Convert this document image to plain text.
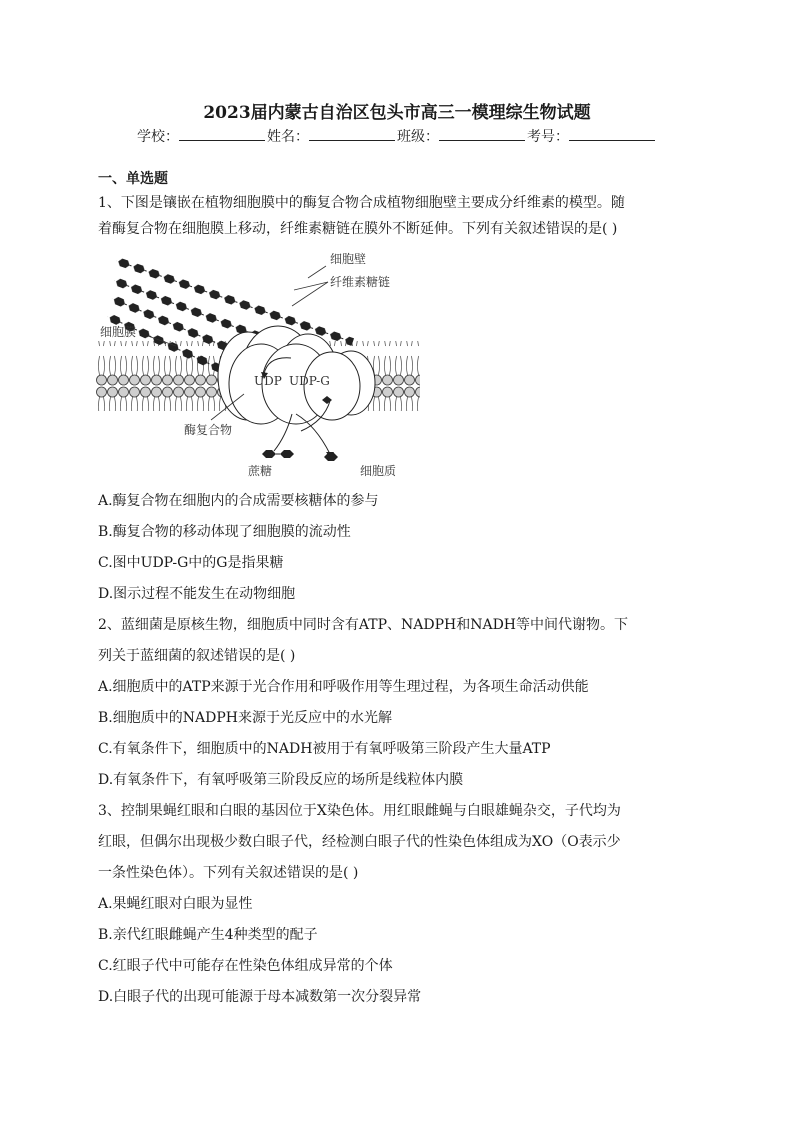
2023届内蒙古自治区包头市高三一模理综生物试题
学校：	姓名：	班级：	考号：
一、单选题
1、下图是镶嵌在植物细胞膜中的酶复合物合成植物细胞壁主要成分纤维素的模型。随
着酶复合物在细胞膜上移动，纤维素糖链在膜外不断延伸。下列有关叙述错误的是( )
细胞壁
纤维素糖链
细胞膜
UDP UDP-G
酶复合物
蔗糖	细胞质
A.酶复合物在细胞内的合成需要核糖体的参与
B.酶复合物的移动体现了细胞膜的流动性
C.图中UDP-G中的G是指果糖
D.图示过程不能发生在动物细胞
2、蓝细菌是原核生物，细胞质中同时含有ATP、NADPH和NADH等中间代谢物。下
列关于蓝细菌的叙述错误的是( )
A.细胞质中的ATP来源于光合作用和呼吸作用等生理过程，为各项生命活动供能
B.细胞质中的NADPH来源于光反应中的水光解
C.有氧条件下，细胞质中的NADH被用于有氧呼吸第三阶段产生大量ATP
D.有氧条件下，有氧呼吸第三阶段反应的场所是线粒体内膜
3、控制果蝇红眼和白眼的基因位于X染色体。用红眼雌蝇与白眼雄蝇杂交，子代均为
红眼，但偶尔出现极少数白眼子代，经检测白眼子代的性染色体组成为XO（O表示少
一条性染色体）。下列有关叙述错误的是( )
A.果蝇红眼对白眼为显性
B.亲代红眼雌蝇产生4种类型的配子
C.红眼子代中可能存在性染色体组成异常的个体
D.白眼子代的出现可能源于母本减数第一次分裂异常
